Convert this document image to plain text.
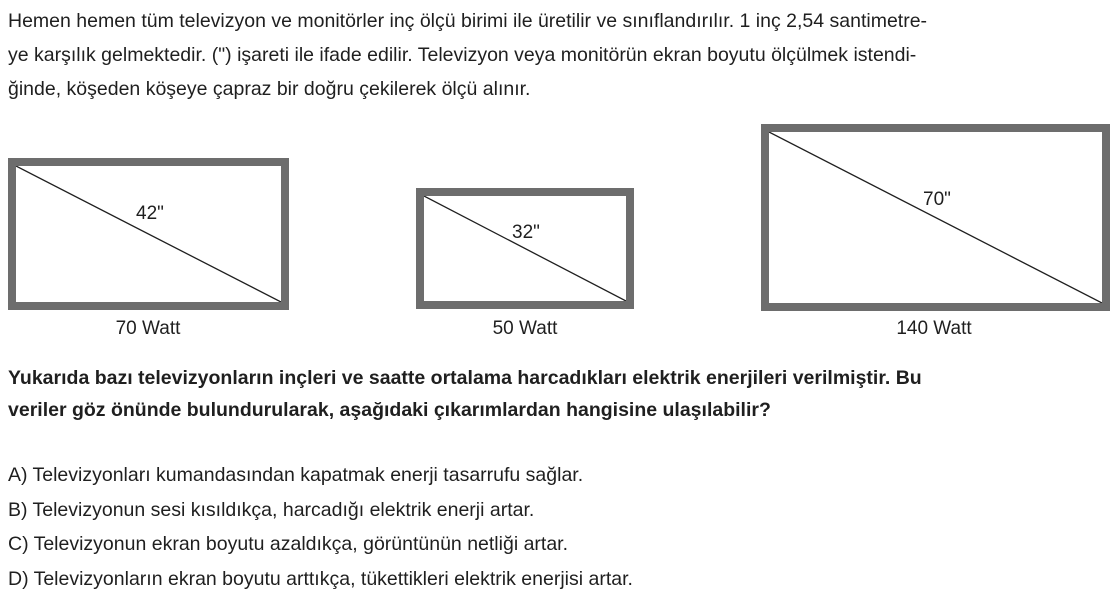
Hemen hemen tüm televizyon ve monitörler inç ölçü birimi ile üretilir ve sınıflandırılır. 1 inç 2,54 santimetre-
ye karşılık gelmektedir. (") işareti ile ifade edilir. Televizyon veya monitörün ekran boyutu ölçülmek istendi-
ğinde, köşeden köşeye çapraz bir doğru çekilerek ölçü alınır.

42"
70 Watt
32"
50 Watt
70"
140 Watt

Yukarıda bazı televizyonların inçleri ve saatte ortalama harcadıkları elektrik enerjileri verilmiştir. Bu
veriler göz önünde bulundurularak, aşağıdaki çıkarımlardan hangisine ulaşılabilir?

A) Televizyonları kumandasından kapatmak enerji tasarrufu sağlar.
B) Televizyonun sesi kısıldıkça, harcadığı elektrik enerji artar.
C) Televizyonun ekran boyutu azaldıkça, görüntünün netliği artar.
D) Televizyonların ekran boyutu arttıkça, tükettikleri elektrik enerjisi artar.
